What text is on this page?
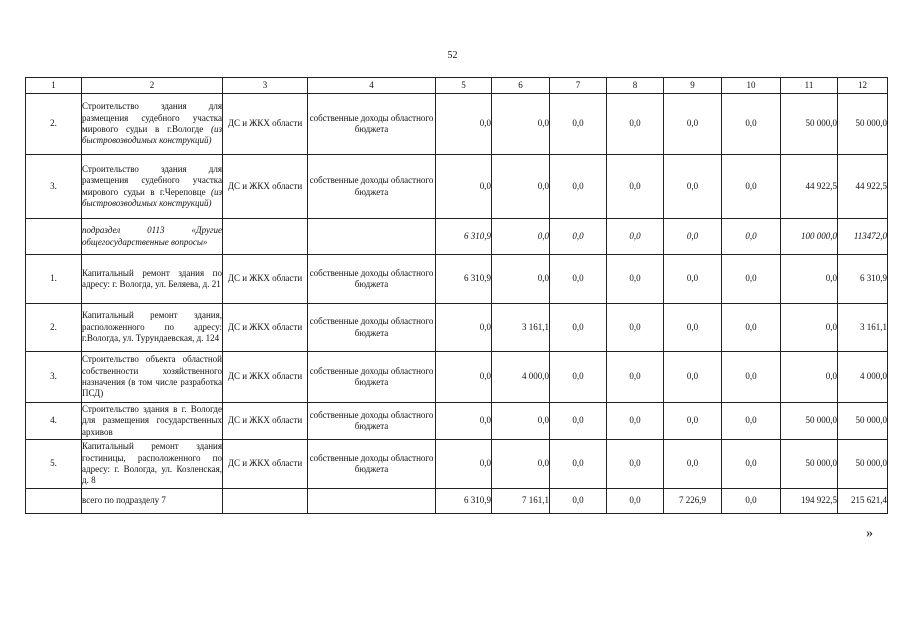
52
1	2	3	4	5	6	7	8	9	10	11	12
2.	Строительство здания для размещения судебного участка мирового судьи в г.Вологде (из быстровозводимых конструкций)	ДС и ЖКХ области	собственные доходы областного бюджета	0,0	0,0	0,0	0,0	0,0	0,0	50 000,0	50 000,0
3.	Строительство здания для размещения судебного участка мирового судьи в г.Череповце (из быстровозводимых конструкций)	ДС и ЖКХ области	собственные доходы областного бюджета	0,0	0,0	0,0	0,0	0,0	0,0	44 922,5	44 922,5
	подраздел 0113 «Другие общегосударственные вопросы»			6 310,9	0,0	0,0	0,0	0,0	0,0	100 000,0	113472,0
1.	Капитальный ремонт здания по адресу: г. Вологда, ул. Беляева, д. 21	ДС и ЖКХ области	собственные доходы областного бюджета	6 310,9	0,0	0,0	0,0	0,0	0,0	0,0	6 310,9
2.	Капитальный ремонт здания, расположенного по адресу: г.Вологда, ул. Турундаевская, д. 124	ДС и ЖКХ области	собственные доходы областного бюджета	0,0	3 161,1	0,0	0,0	0,0	0,0	0,0	3 161,1
3.	Строительство объекта областной собственности хозяйственного назначения (в том числе разработка ПСД)	ДС и ЖКХ области	собственные доходы областного бюджета	0,0	4 000,0	0,0	0,0	0,0	0,0	0,0	4 000,0
4.	Строительство здания в г. Вологде для размещения государственных архивов	ДС и ЖКХ области	собственные доходы областного бюджета	0,0	0,0	0,0	0,0	0,0	0,0	50 000,0	50 000,0
5.	Капитальный ремонт здания гостиницы, расположенного по адресу: г. Вологда, ул. Козленская, д. 8	ДС и ЖКХ области	собственные доходы областного бюджета	0,0	0,0	0,0	0,0	0,0	0,0	50 000,0	50 000,0
	всего по подразделу 7			6 310,9	7 161,1	0,0	0,0	7 226,9	0,0	194 922,5	215 621,4
»
